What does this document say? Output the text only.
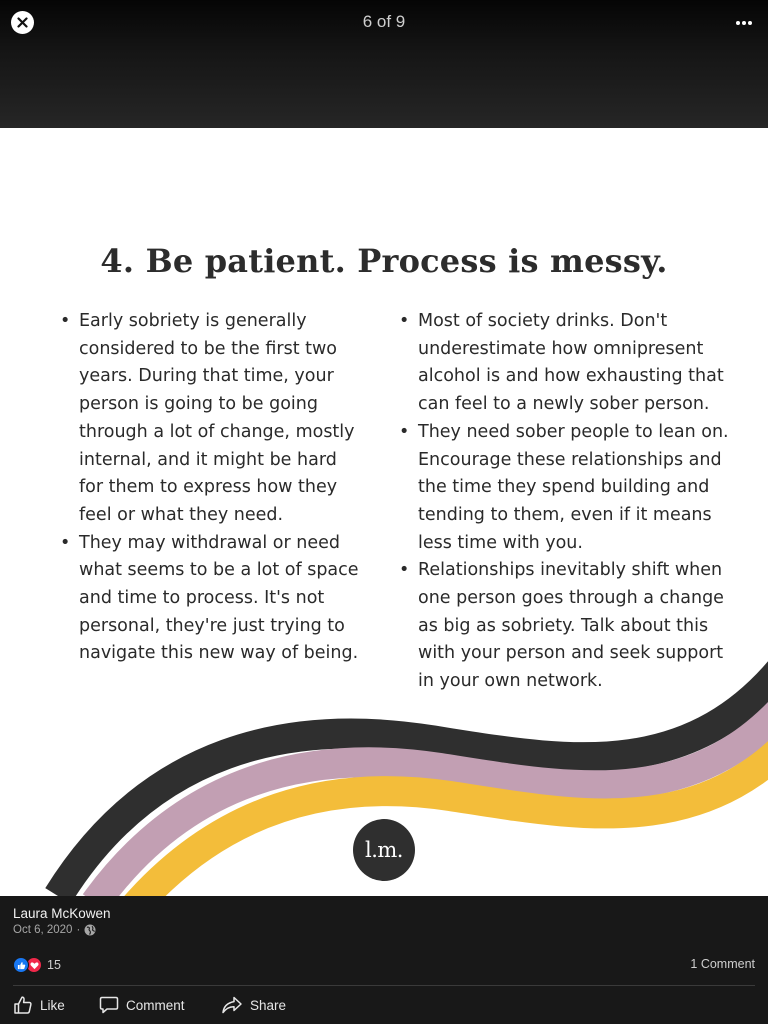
6 of 9
4. Be patient. Process is messy.
• Early sobriety is generally considered to be the first two years. During that time, your person is going to be going through a lot of change, mostly internal, and it might be hard for them to express how they feel or what they need.
• They may withdrawal or need what seems to be a lot of space and time to process. It's not personal, they're just trying to navigate this new way of being.
• Most of society drinks. Don't underestimate how omnipresent alcohol is and how exhausting that can feel to a newly sober person.
• They need sober people to lean on. Encourage these relationships and the time they spend building and tending to them, even if it means less time with you.
• Relationships inevitably shift when one person goes through a change as big as sobriety. Talk about this with your person and seek support in your own network.
l.m.
Laura McKowen
Oct 6, 2020 ·
15	1 Comment
Like	Comment	Share
